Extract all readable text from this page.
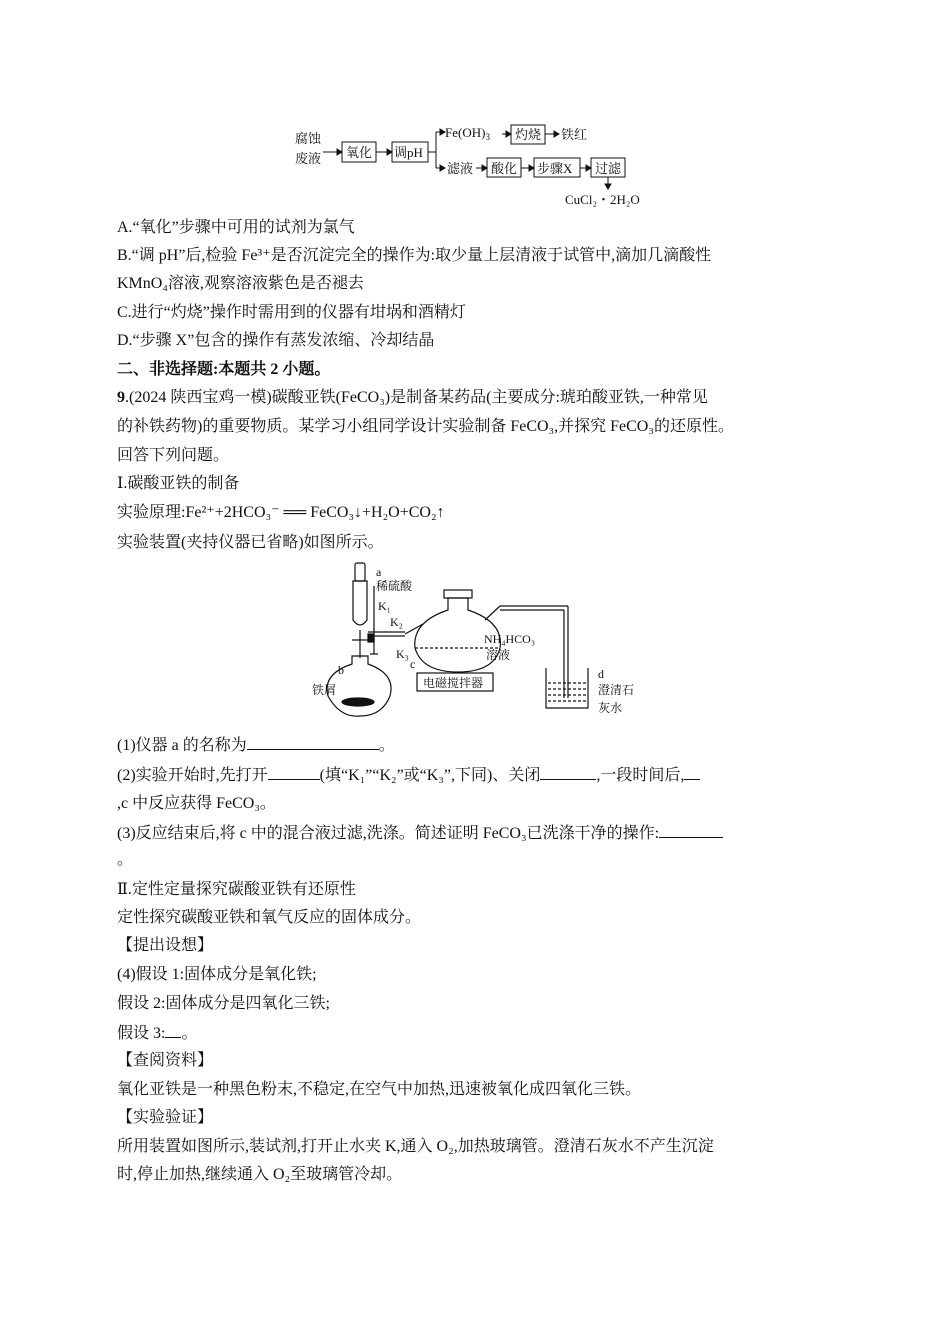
腐蚀
废液 氧化 调pH
$Fe(OH)_3$ 灼烧 铁红
滤液 酸化 步骤X 过滤
CuCl₂・2H₂O
A.“氧化”步骤中可用的试剂为氯气
B.“调 pH”后,检验 Fe³⁺是否沉淀完全的操作为:取少量上层清液于试管中,滴加几滴酸性
KMnO₄溶液,观察溶液紫色是否褪去
C.进行“灼烧”操作时需用到的仪器有坩埚和酒精灯
D.“步骤 X”包含的操作有蒸发浓缩、冷却结晶
二、非选择题:本题共 2 小题。
9.(2024 陕西宝鸡一模)碳酸亚铁(FeCO₃)是制备某药品(主要成分:琥珀酸亚铁,一种常见
的补铁药物)的重要物质。某学习小组同学设计实验制备 FeCO₃,并探究 FeCO₃的还原性。
回答下列问题。
Ⅰ.碳酸亚铁的制备
实验原理:Fe²⁺+2HCO₃⁻ ══ FeCO₃↓+H₂O+CO₂↑
实验装置(夹持仪器已省略)如图所示。
a
稀硫酸
K₁
K₂
K₃
b
铁屑
c
NH₄HCO₃
溶液
电磁搅拌器
d
澄清石
灰水
(1)仪器 a 的名称为	。
(2)实验开始时,先打开	(填“K₁”“K₂”或“K₃”,下同)、关闭	,一段时间后,
,c 中反应获得 FeCO₃。
(3)反应结束后,将 c 中的混合液过滤,洗涤。简述证明 FeCO₃已洗涤干净的操作:
。
Ⅱ.定性定量探究碳酸亚铁有还原性
定性探究碳酸亚铁和氧气反应的固体成分。
【提出设想】
(4)假设 1:固体成分是氧化铁;
假设 2:固体成分是四氧化三铁;
假设 3: 。
【查阅资料】
氧化亚铁是一种黑色粉末,不稳定,在空气中加热,迅速被氧化成四氧化三铁。
【实验验证】
所用装置如图所示,装试剂,打开止水夹 K,通入 O₂,加热玻璃管。澄清石灰水不产生沉淀
时,停止加热,继续通入 O₂至玻璃管冷却。
